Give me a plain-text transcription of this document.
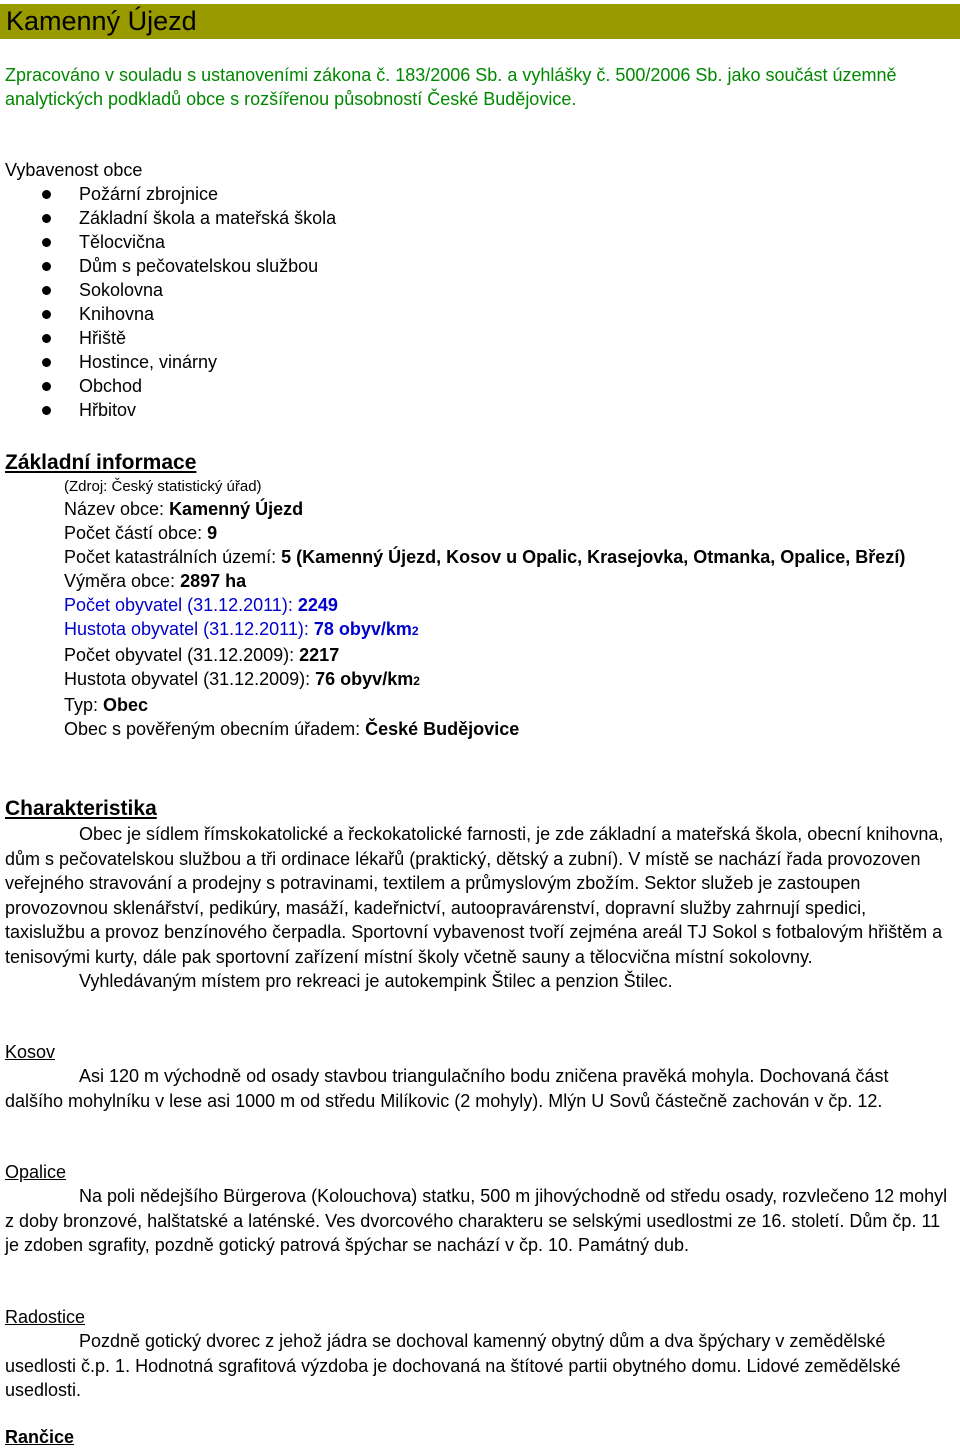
Kamenný Újezd
Zpracováno v souladu s ustanoveními zákona č. 183/2006 Sb. a vyhlášky č. 500/2006 Sb. jako součást územně analytických podkladů obce s rozšířenou působností České Budějovice.
Vybavenost obce
Požární zbrojnice
Základní škola a mateřská škola
Tělocvična
Dům s pečovatelskou službou
Sokolovna
Knihovna
Hřiště
Hostince, vinárny
Obchod
Hřbitov
Základní informace
(Zdroj: Český statistický úřad)
Název obce: Kamenný Újezd
Počet částí obce: 9
Počet katastrálních území: 5 (Kamenný Újezd, Kosov u Opalic, Krasejovka, Otmanka, Opalice, Březí)
Výměra obce: 2897 ha
Počet obyvatel (31.12.2011): 2249
Hustota obyvatel (31.12.2011): 78 obyv/km2
Počet obyvatel (31.12.2009): 2217
Hustota obyvatel (31.12.2009): 76 obyv/km2
Typ: Obec
Obec s pověřeným obecním úřadem: České Budějovice
Charakteristika

Obec je sídlem římskokatolické a řeckokatolické farnosti, je zde základní a mateřská škola, obecní knihovna, dům s pečovatelskou službou a tři ordinace lékařů (praktický, dětský a zubní). V místě se nachází řada provozoven veřejného stravování a prodejny s potravinami, textilem a průmyslovým zbožím. Sektor služeb je zastoupen provozovnou sklenářství, pedikúry, masáží, kadeřnictví, autoopravárenství, dopravní služby zahrnují spedici, taxislužbu a provoz benzínového čerpadla. Sportovní vybavenost tvoří zejména areál TJ Sokol s fotbalovým hřištěm a tenisovými kurty, dále pak sportovní zařízení místní školy včetně sauny a tělocvična místní sokolovny.

Vyhledávaným místem pro rekreaci je autokempink Štilec a penzion Štilec.

Kosov

Asi 120 m východně od osady stavbou triangulačního bodu zničena pravěká mohyla. Dochovaná část dalšího mohylníku v lese asi 1000 m od středu Milíkovic (2 mohyly). Mlýn U Sovů částečně zachován v čp. 12.

Opalice

Na poli nědejšího Bürgerova (Kolouchova) statku, 500 m jihovýchodně od středu osady, rozvlečeno 12 mohyl z doby bronzové, halštatské a laténské. Ves dvorcového charakteru se selskými usedlostmi ze 16. století. Dům čp. 11 je zdoben sgrafity, pozdně gotický patrová špýchar se nachází v čp. 10. Památný dub.

Radostice

Pozdně gotický dvorec z jehož jádra se dochoval kamenný obytný dům a dva špýchary v zemědělské usedlosti č.p. 1. Hodnotná sgrafitová výzdoba je dochovaná na štítové partii obytného domu. Lidové zemědělské usedlosti.

Rančice
